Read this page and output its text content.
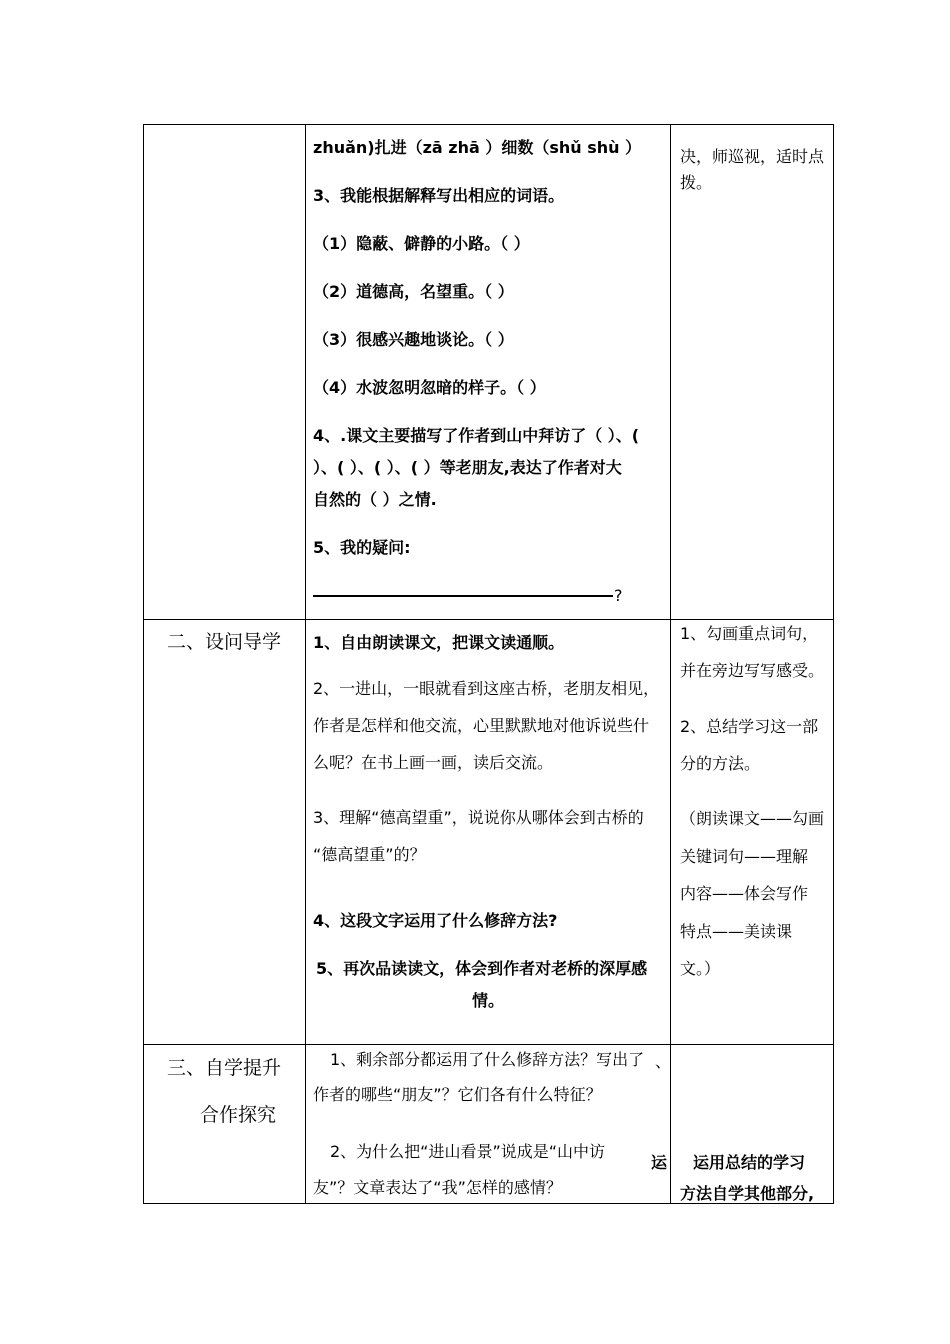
zhuǎn)扎进（zā zhā ）细数（shǔ shù ）
3、我能根据解释写出相应的词语。
（1）隐蔽、僻静的小路。（ ）
（2）道德高，名望重。（ ）
（3）很感兴趣地谈论。（ ）
（4）水波忽明忽暗的样子。（ ）
4、.课文主要描写了作者到山中拜访了（ ）、(
）、( ）、( ）、( ）等老朋友,表达了作者对大
自然的（ ）之情.
5、我的疑问:
?
决，师巡视，适时点
拨。
二、设问导学 1、自由朗读课文，把课文读通顺。
2、一进山，一眼就看到这座古桥，老朋友相见，
作者是怎样和他交流，心里默默地对他诉说些什
么呢？在书上画一画，读后交流。
3、理解“德高望重”，说说你从哪体会到古桥的
“德高望重”的？
4、这段文字运用了什么修辞方法?
5、再次品读读文，体会到作者对老桥的深厚感
情。
1、勾画重点词句，
并在旁边写写感受。
2、总结学习这一部
分的方法。
（朗读课文——勾画
关键词句——理解
内容——体会写作
特点——美读课
文。）
三、自学提升
合作探究
1、剩余部分都运用了什么修辞方法？写出了
作者的哪些“朋友”？它们各有什么特征？
2、为什么把“进山看景”说成是“山中访
友”？文章表达了“我”怎样的感情？
、
运 运用总结的学习
方法自学其他部分,
